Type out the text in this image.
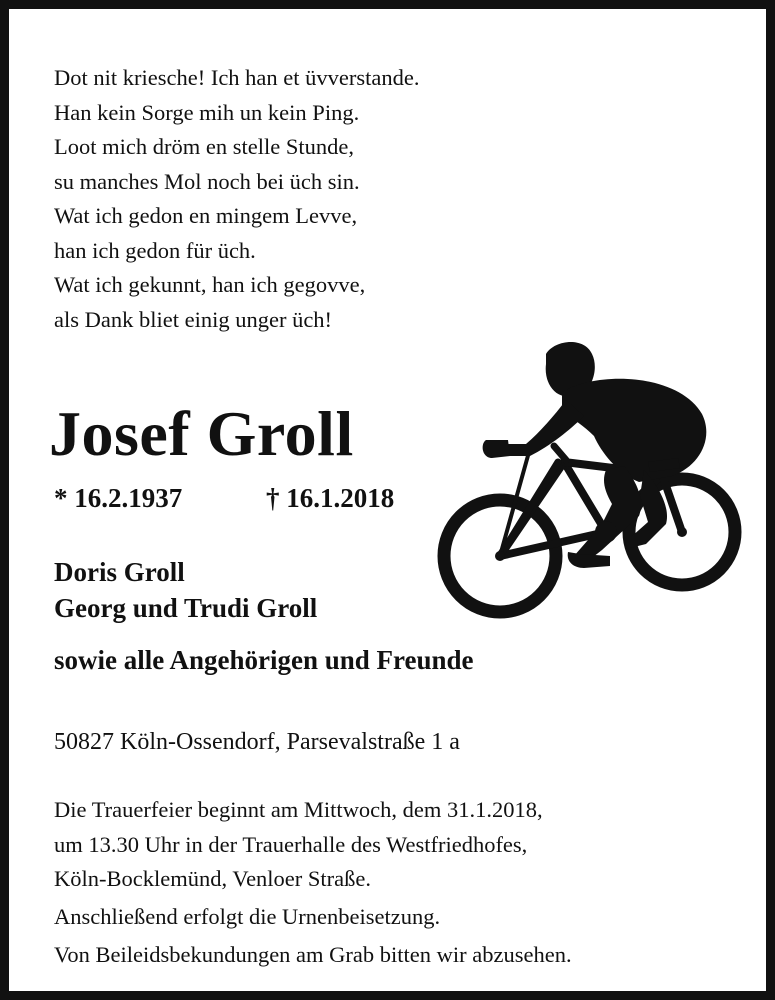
Dot nit kriesche! Ich han et üvverstande.
Han kein Sorge mih un kein Ping.
Loot mich dröm en stelle Stunde,
su manches Mol noch bei üch sin.
Wat ich gedon en mingem Levve,
han ich gedon für üch.
Wat ich gekunnt, han ich gegovve,
als Dank bliet einig unger üch!
Josef Groll
* 16.2.1937	† 16.1.2018
Doris Groll
Georg und Trudi Groll
sowie alle Angehörigen und Freunde
50827 Köln-Ossendorf, Parsevalstraße 1 a
Die Trauerfeier beginnt am Mittwoch, dem 31.1.2018,
um 13.30 Uhr in der Trauerhalle des Westfriedhofes,
Köln-Bocklemünd, Venloer Straße.
Anschließend erfolgt die Urnenbeisetzung.
Von Beileidsbekundungen am Grab bitten wir abzusehen.
